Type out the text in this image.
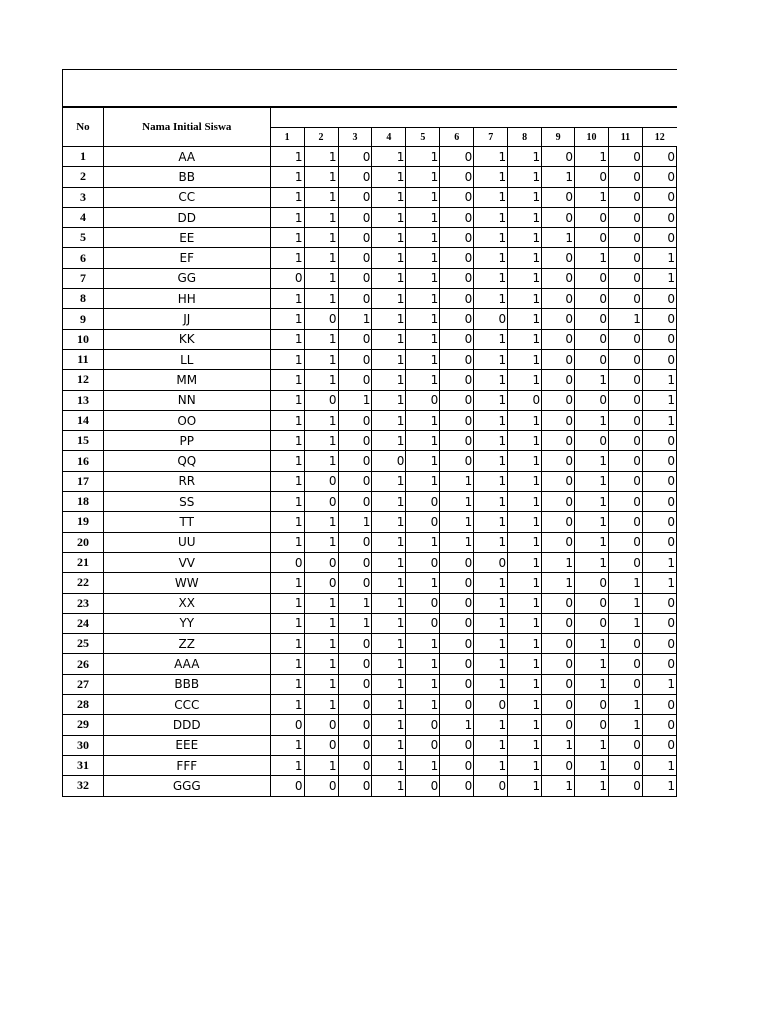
No	Nama Initial Siswa												
		1	2	3	4	5	6	7	8	9	10	11	12
1	AA	1	1	0	1	1	0	1	1	0	1	0	0
2	BB	1	1	0	1	1	0	1	1	1	0	0	0
3	CC	1	1	0	1	1	0	1	1	0	1	0	0
4	DD	1	1	0	1	1	0	1	1	0	0	0	0
5	EE	1	1	0	1	1	0	1	1	1	0	0	0
6	EF	1	1	0	1	1	0	1	1	0	1	0	1
7	GG	0	1	0	1	1	0	1	1	0	0	0	1
8	HH	1	1	0	1	1	0	1	1	0	0	0	0
9	JJ	1	0	1	1	1	0	0	1	0	0	1	0
10	KK	1	1	0	1	1	0	1	1	0	0	0	0
11	LL	1	1	0	1	1	0	1	1	0	0	0	0
12	MM	1	1	0	1	1	0	1	1	0	1	0	1
13	NN	1	0	1	1	0	0	1	0	0	0	0	1
14	OO	1	1	0	1	1	0	1	1	0	1	0	1
15	PP	1	1	0	1	1	0	1	1	0	0	0	0
16	QQ	1	1	0	0	1	0	1	1	0	1	0	0
17	RR	1	0	0	1	1	1	1	1	0	1	0	0
18	SS	1	0	0	1	0	1	1	1	0	1	0	0
19	TT	1	1	1	1	0	1	1	1	0	1	0	0
20	UU	1	1	0	1	1	1	1	1	0	1	0	0
21	VV	0	0	0	1	0	0	0	1	1	1	0	1
22	WW	1	0	0	1	1	0	1	1	1	0	1	1
23	XX	1	1	1	1	0	0	1	1	0	0	1	0
24	YY	1	1	1	1	0	0	1	1	0	0	1	0
25	ZZ	1	1	0	1	1	0	1	1	0	1	0	0
26	AAA	1	1	0	1	1	0	1	1	0	1	0	0
27	BBB	1	1	0	1	1	0	1	1	0	1	0	1
28	CCC	1	1	0	1	1	0	0	1	0	0	1	0
29	DDD	0	0	0	1	0	1	1	1	0	0	1	0
30	EEE	1	0	0	1	0	0	1	1	1	1	0	0
31	FFF	1	1	0	1	1	0	1	1	0	1	0	1
32	GGG	0	0	0	1	0	0	0	1	1	1	0	1
